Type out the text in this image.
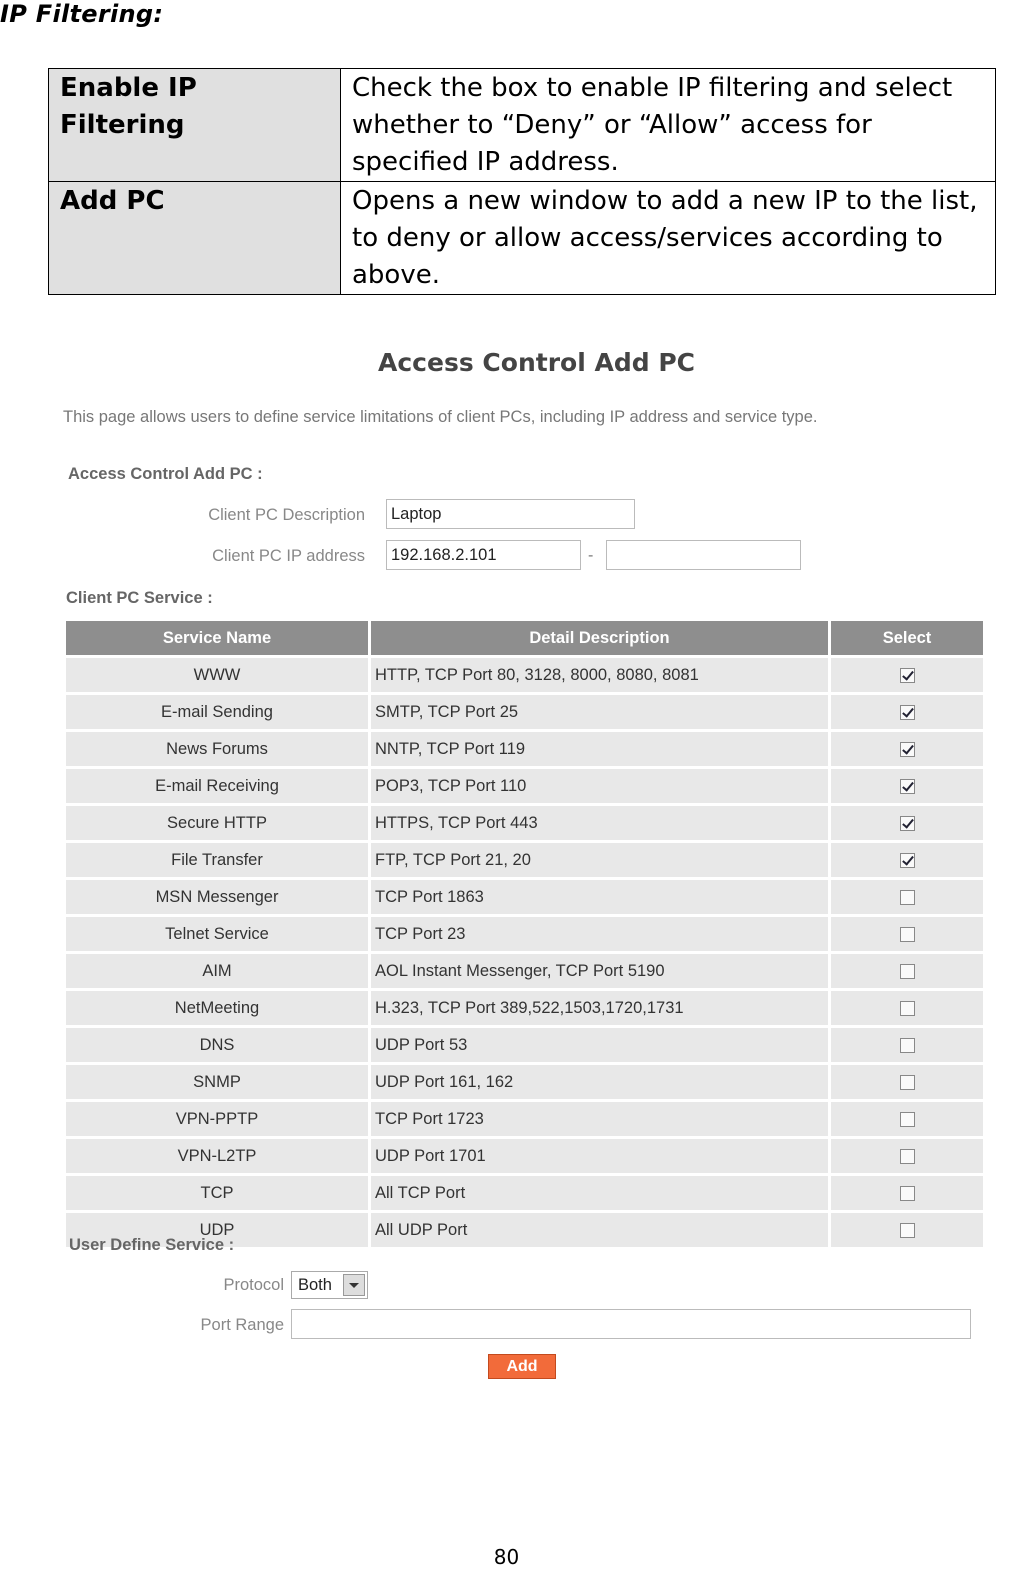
IP Filtering:
Enable IP Filtering	Check the box to enable IP filtering and select whether to “Deny” or “Allow” access for specified IP address.
Add PC	Opens a new window to add a new IP to the list, to deny or allow access/services according to above.
Access Control Add PC
This page allows users to define service limitations of client PCs, including IP address and service type.
Access Control Add PC :
Client PC Description	Laptop
Client PC IP address	192.168.2.101	-
Client PC Service :
Service Name	Detail Description	Select
WWW	HTTP, TCP Port 80, 3128, 8000, 8080, 8081	
E-mail Sending	SMTP, TCP Port 25	
News Forums	NNTP, TCP Port 119	
E-mail Receiving	POP3, TCP Port 110	
Secure HTTP	HTTPS, TCP Port 443	
File Transfer	FTP, TCP Port 21, 20	
MSN Messenger	TCP Port 1863	
Telnet Service	TCP Port 23	
AIM	AOL Instant Messenger, TCP Port 5190	
NetMeeting	H.323, TCP Port 389,522,1503,1720,1731	
DNS	UDP Port 53	
SNMP	UDP Port 161, 162	
VPN-PPTP	TCP Port 1723	
VPN-L2TP	UDP Port 1701	
TCP	All TCP Port	
UDP	All UDP Port	
User Define Service :
Protocol Both
Port Range
Add
80
